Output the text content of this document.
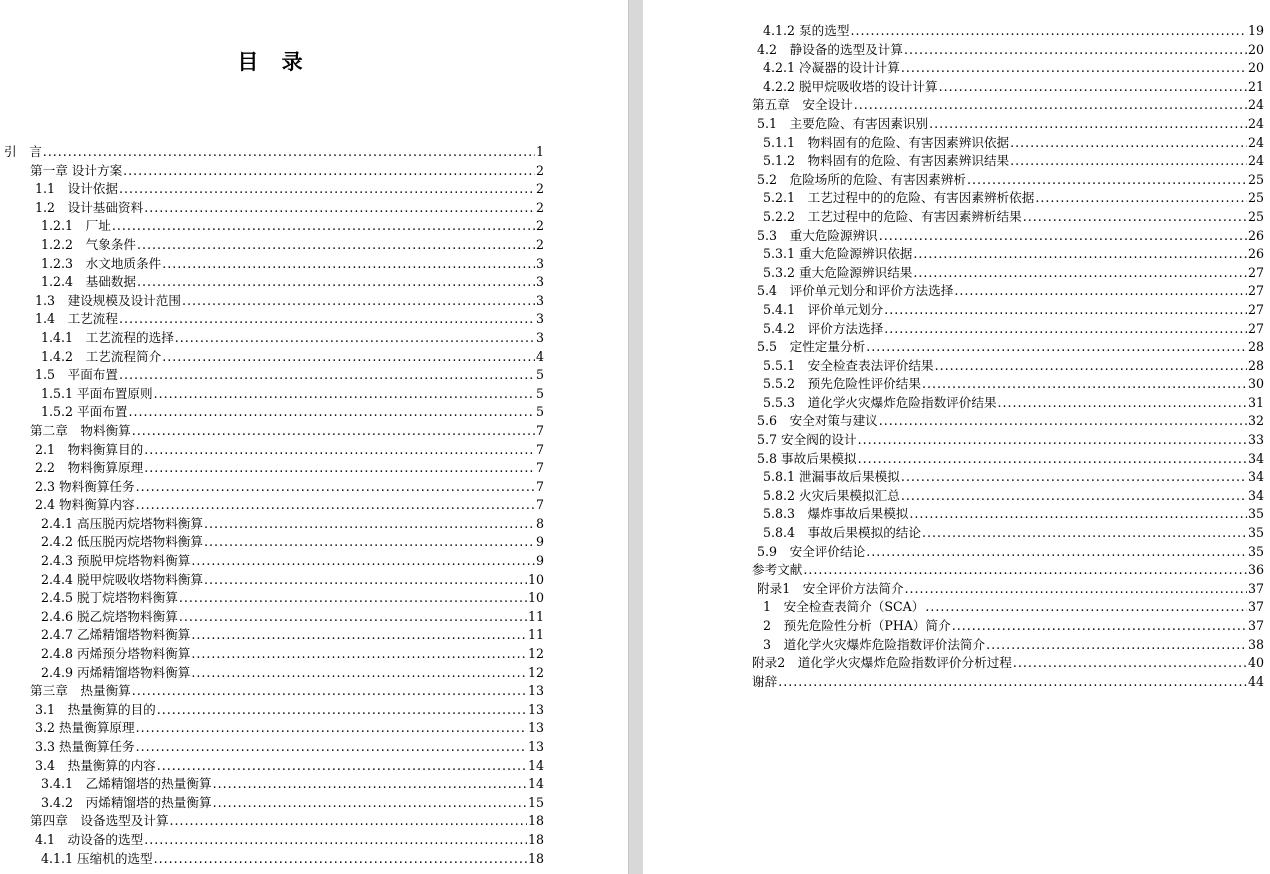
目 录
引　言 .....	1
第一章 设计方案 .....	2
1.1　设计依据 .....	2
1.2　设计基础资料 .....	2
1.2.1　厂址 .....	2
1.2.2　气象条件 .....	2
1.2.3　水文地质条件 .....	3
1.2.4　基础数据 .....	3
1.3　建设规模及设计范围 .....	3
1.4　工艺流程 .....	3
1.4.1　工艺流程的选择 .....	3
1.4.2　工艺流程简介 .....	4
1.5　平面布置 .....	5
1.5.1 平面布置原则 .....	5
1.5.2 平面布置 .....	5
第二章　物料衡算 .....	7
2.1　物料衡算目的 .....	7
2.2　物料衡算原理 .....	7
2.3 物料衡算任务 .....	7
2.4 物料衡算内容 .....	7
2.4.1 高压脱丙烷塔物料衡算 .....	8
2.4.2 低压脱丙烷塔物料衡算 .....	9
2.4.3 预脱甲烷塔物料衡算 .....	9
2.4.4 脱甲烷吸收塔物料衡算 .....	10
2.4.5 脱丁烷塔物料衡算 .....	10
2.4.6 脱乙烷塔物料衡算 .....	11
2.4.7 乙烯精馏塔物料衡算 .....	11
2.4.8 丙烯预分塔物料衡算 .....	12
2.4.9 丙烯精馏塔物料衡算 .....	12
第三章　热量衡算 .....	13
3.1　热量衡算的目的 .....	13
3.2 热量衡算原理 .....	13
3.3 热量衡算任务 .....	13
3.4　热量衡算的内容 .....	14
3.4.1　乙烯精馏塔的热量衡算 .....	14
3.4.2　丙烯精馏塔的热量衡算 .....	15
第四章　设备选型及计算 .....	18
4.1　动设备的选型 .....	18
4.1.1 压缩机的选型 .....	18
4.1.2 泵的选型 .....	19
4.2　静设备的选型及计算 .....	20
4.2.1 冷凝器的设计计算 .....	20
4.2.2 脱甲烷吸收塔的设计计算 .....	21
第五章　安全设计 .....	24
5.1　主要危险、有害因素识别 .....	24
5.1.1　物料固有的危险、有害因素辨识依据 .....	24
5.1.2　物料固有的危险、有害因素辨识结果 .....	24
5.2　危险场所的危险、有害因素辨析 .....	25
5.2.1　工艺过程中的的危险、有害因素辨析依据 .....	25
5.2.2　工艺过程中的危险、有害因素辨析结果 .....	25
5.3　重大危险源辨识 .....	26
5.3.1 重大危险源辨识依据 .....	26
5.3.2 重大危险源辨识结果 .....	27
5.4　评价单元划分和评价方法选择 .....	27
5.4.1　评价单元划分 .....	27
5.4.2　评价方法选择 .....	27
5.5　定性定量分析 .....	28
5.5.1　安全检查表法评价结果 .....	28
5.5.2　预先危险性评价结果 .....	30
5.5.3　道化学火灾爆炸危险指数评价结果 .....	31
5.6　安全对策与建议 .....	32
5.7 安全阀的设计 .....	33
5.8 事故后果模拟 .....	34
5.8.1 泄漏事故后果模拟 .....	34
5.8.2 火灾后果模拟汇总 .....	34
5.8.3　爆炸事故后果模拟 .....	35
5.8.4　事故后果模拟的结论 .....	35
5.9　安全评价结论 .....	35
参考文献 .....	36
附录1　安全评价方法简介 .....	37
1　安全检查表简介（SCA） .....	37
2　预先危险性分析（PHA）简介 .....	37
3　道化学火灾爆炸危险指数评价法简介 .....	38
附录2　道化学火灾爆炸危险指数评价分析过程 .....	40
谢辞 .....	44
